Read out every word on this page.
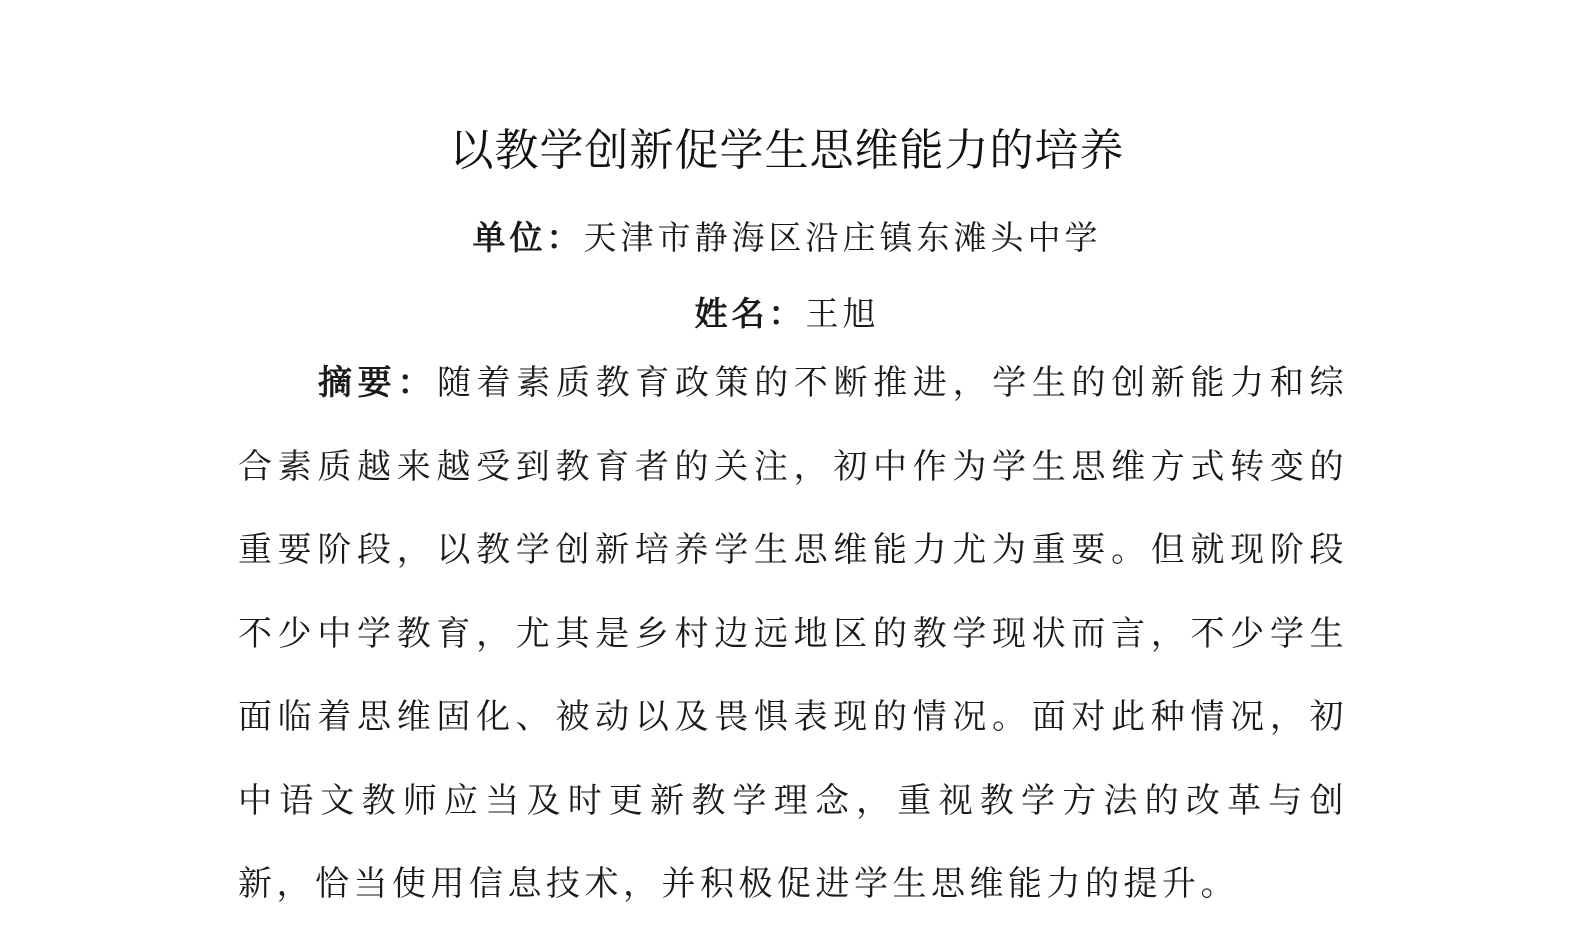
以教学创新促学生思维能力的培养
单位：天津市静海区沿庄镇东滩头中学
姓名：王旭

摘要：随着素质教育政策的不断推进，学生的创新能力和综合素质越来越受到教育者的关注，初中作为学生思维方式转变的重要阶段，以教学创新培养学生思维能力尤为重要。但就现阶段不少中学教育，尤其是乡村边远地区的教学现状而言，不少学生面临着思维固化、被动以及畏惧表现的情况。面对此种情况，初中语文教师应当及时更新教学理念，重视教学方法的改革与创新，恰当使用信息技术，并积极促进学生思维能力的提升。
